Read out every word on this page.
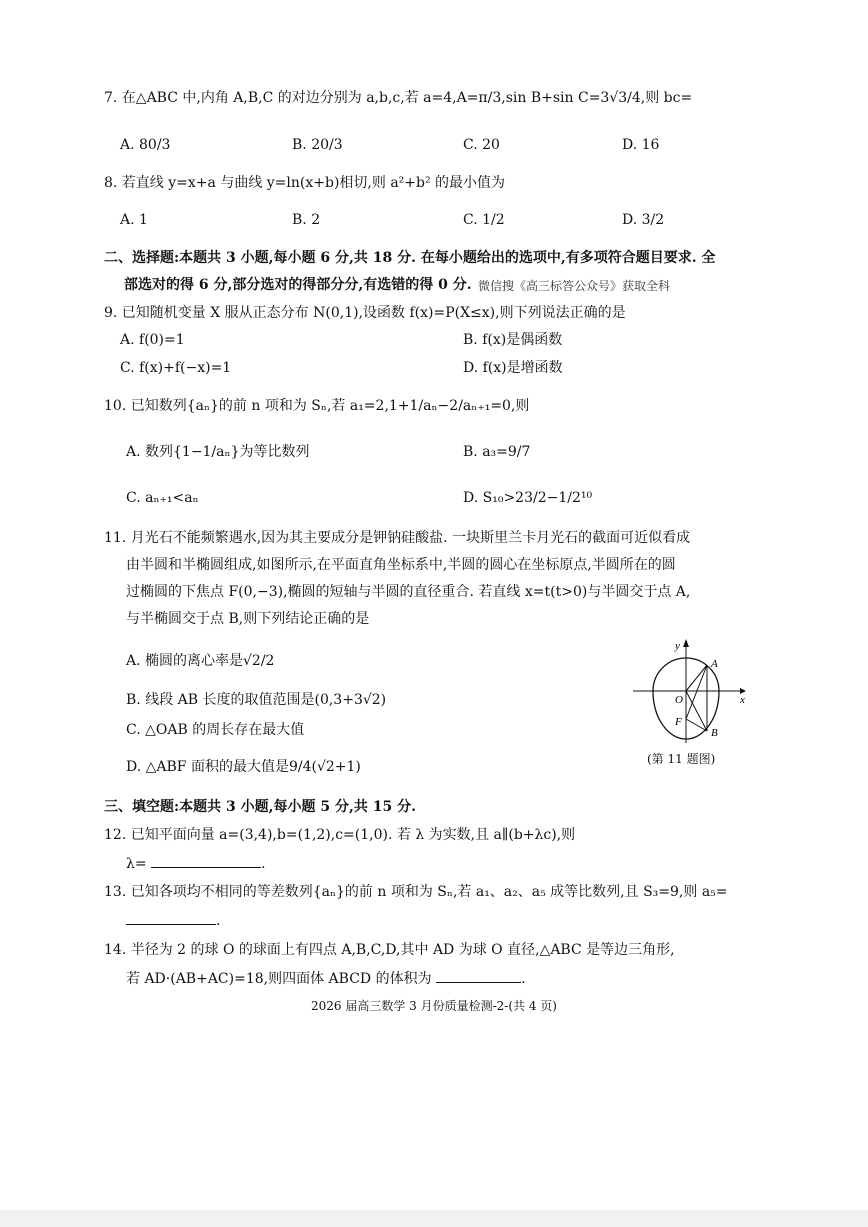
7. 在△ABC 中,内角 A,B,C 的对边分别为 a,b,c,若 a=4,A=π/3,sin B+sin C=3√3/4,则 bc=
A. 80/3	B. 20/3	C. 20	D. 16
8. 若直线 y=x+a 与曲线 y=ln(x+b)相切,则 a²+b² 的最小值为
A. 1	B. 2	C. 1/2	D. 3/2
二、选择题:本题共 3 小题,每小题 6 分,共 18 分. 在每小题给出的选项中,有多项符合题目要求. 全
部选对的得 6 分,部分选对的得部分分,有选错的得 0 分.
9. 已知随机变量 X 服从正态分布 N(0,1),设函数 f(x)=P(X≤x),则下列说法正确的是
A. f(0)=1	B. f(x)是偶函数
C. f(x)+f(−x)=1	D. f(x)是增函数
10. 已知数列{aₙ}的前 n 项和为 Sₙ,若 a₁=2,1+1/aₙ−2/aₙ₊₁=0,则
A. 数列{1−1/aₙ}为等比数列	B. a₃=9/7
C. aₙ₊₁<aₙ	D. S₁₀>23/2−1/2¹⁰
11. 月光石不能频繁遇水,因为其主要成分是钾钠硅酸盐. 一块斯里兰卡月光石的截面可近似看成
由半圆和半椭圆组成,如图所示,在平面直角坐标系中,半圆的圆心在坐标原点,半圆所在的圆
过椭圆的下焦点 F(0,−3),椭圆的短轴与半圆的直径重合. 若直线 x=t(t>0)与半圆交于点 A,
与半椭圆交于点 B,则下列结论正确的是
A. 椭圆的离心率是√2/2
B. 线段 AB 长度的取值范围是(0,3+3√2)
C. △OAB 的周长存在最大值
D. △ABF 面积的最大值是9/4(√2+1)
三、填空题:本题共 3 小题,每小题 5 分,共 15 分.
12. 已知平面向量 a=(3,4),b=(1,2),c=(1,0). 若 λ 为实数,且 a∥(b+λc),则
13. 已知各项均不相同的等差数列{aₙ}的前 n 项和为 Sₙ,若 a₁、a₂、a₅ 成等比数列,且 S₃=9,则 a₅=
14. 半径为 2 的球 O 的球面上有四点 A,B,C,D,其中 AD 为球 O 直径,△ABC 是等边三角形,
微信搜《高三标答公众号》获取全科
λ=	.
.
若 AD·(AB+AC)=18,则四面体 ABCD 的体积为	.
y
x
O
A
F
B
(第 11 题图)
2026 届高三数学 3 月份质量检测-2-(共 4 页)
